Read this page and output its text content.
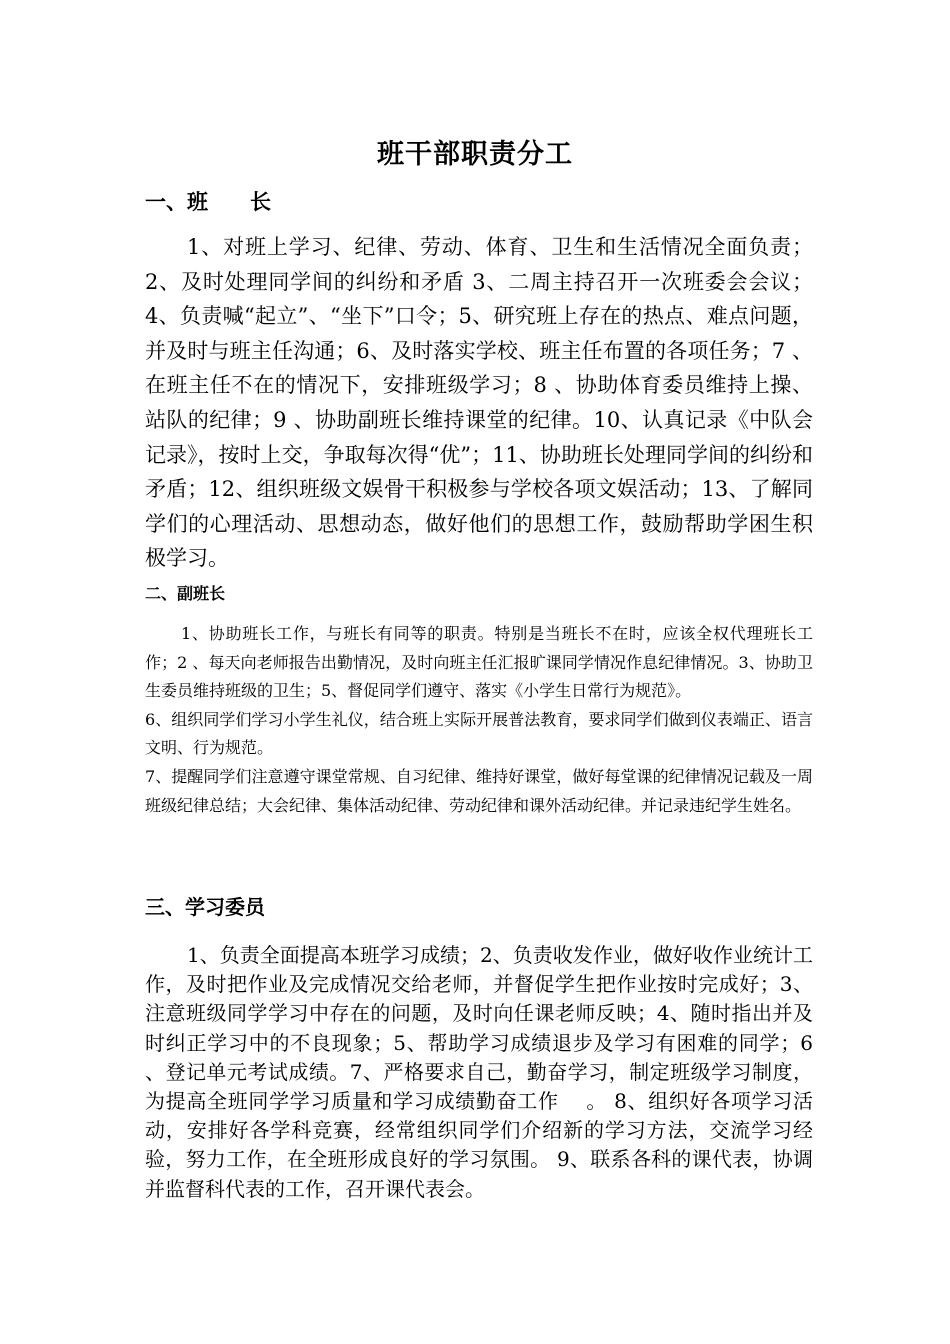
班干部职责分工
一、班　　长

1、对班上学习、纪律、劳动、体育、卫生和生活情况全面负责；2、及时处理同学间的纠纷和矛盾 3、二周主持召开一次班委会会议；4、负责喊“起立”、“坐下”口令；5、研究班上存在的热点、难点问题，并及时与班主任沟通；6、及时落实学校、班主任布置的各项任务；7 、在班主任不在的情况下，安排班级学习；8 、协助体育委员维持上操、站队的纪律；9 、协助副班长维持课堂的纪律。10、认真记录《中队会记录》，按时上交，争取每次得“优”；11、协助班长处理同学间的纠纷和矛盾；12、组织班级文娱骨干积极参与学校各项文娱活动；13、了解同学们的心理活动、思想动态，做好他们的思想工作，鼓励帮助学困生积极学习。

二、副班长

1、协助班长工作，与班长有同等的职责。特别是当班长不在时，应该全权代理班长工作；2 、每天向老师报告出勤情况，及时向班主任汇报旷课同学情况作息纪律情况。3、协助卫生委员维持班级的卫生；5、督促同学们遵守、落实《小学生日常行为规范》。

6、组织同学们学习小学生礼仪，结合班上实际开展普法教育，要求同学们做到仪表端正、语言文明、行为规范。

7、提醒同学们注意遵守课堂常规、自习纪律、维持好课堂，做好每堂课的纪律情况记载及一周班级纪律总结；大会纪律、集体活动纪律、劳动纪律和课外活动纪律。并记录违纪学生姓名。

三、学习委员

1、负责全面提高本班学习成绩；2、负责收发作业，做好收作业统计工作，及时把作业及完成情况交给老师，并督促学生把作业按时完成好；3、注意班级同学学习中存在的问题，及时向任课老师反映；4、随时指出并及时纠正学习中的不良现象；5、帮助学习成绩退步及学习有困难的同学；6 、登记单元考试成绩。7、严格要求自己，勤奋学习，制定班级学习制度，为提高全班同学学习质量和学习成绩勤奋工作　 。 8、组织好各项学习活动，安排好各学科竞赛，经常组织同学们介绍新的学习方法，交流学习经验，努力工作，在全班形成良好的学习氛围。 9、联系各科的课代表，协调并监督科代表的工作，召开课代表会。
